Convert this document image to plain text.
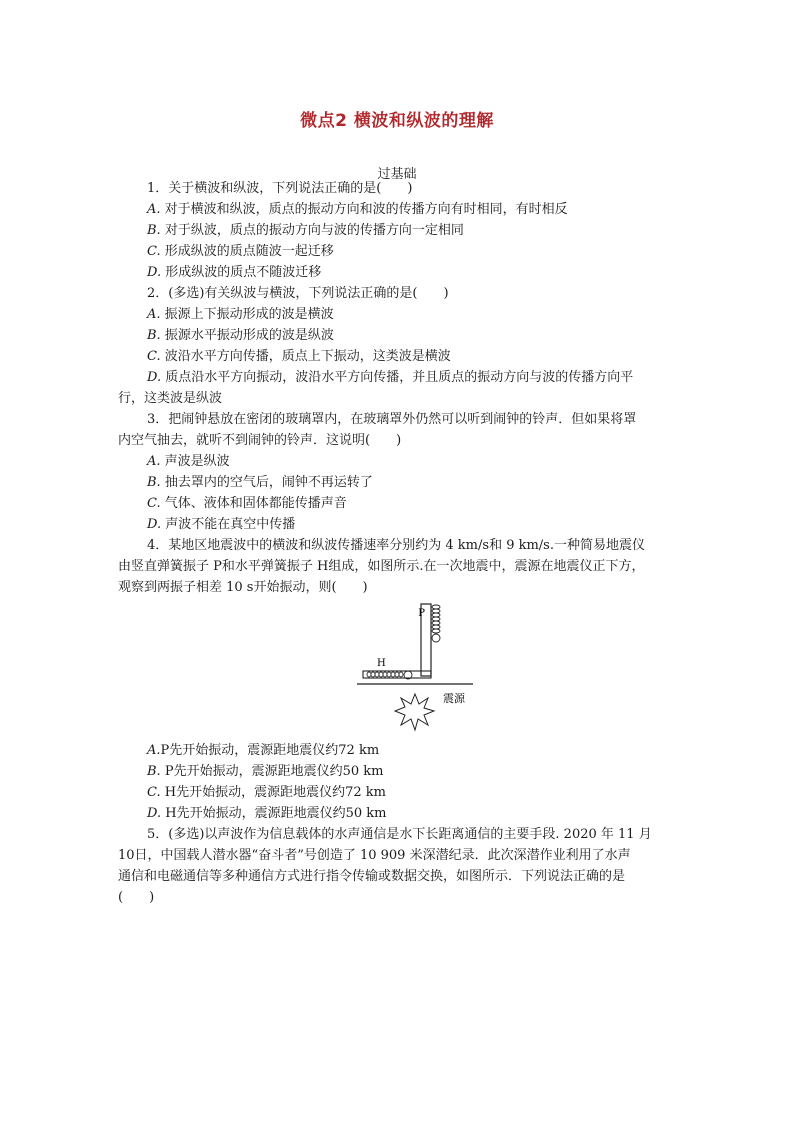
微点2 横波和纵波的理解
过基础
1．关于横波和纵波，下列说法正确的是(　　)
A. 对于横波和纵波，质点的振动方向和波的传播方向有时相同，有时相反
B. 对于纵波，质点的振动方向与波的传播方向一定相同
C. 形成纵波的质点随波一起迁移
D. 形成纵波的质点不随波迁移
2．(多选)有关纵波与横波，下列说法正确的是(　　)
A. 振源上下振动形成的波是横波
B. 振源水平振动形成的波是纵波
C. 波沿水平方向传播，质点上下振动，这类波是横波
D. 质点沿水平方向振动，波沿水平方向传播，并且质点的振动方向与波的传播方向平
行，这类波是纵波
3．把闹钟悬放在密闭的玻璃罩内，在玻璃罩外仍然可以听到闹钟的铃声．但如果将罩
内空气抽去，就听不到闹钟的铃声．这说明(　　)
A. 声波是纵波
B. 抽去罩内的空气后，闹钟不再运转了
C. 气体、液体和固体都能传播声音
D. 声波不能在真空中传播
4．某地区地震波中的横波和纵波传播速率分别约为 4 km/s和 9 km/s.一种简易地震仪
由竖直弹簧振子 P和水平弹簧振子 H组成，如图所示.在一次地震中，震源在地震仪正下方，
观察到两振子相差 10 s开始振动，则(　　)
P
H
震源
A.P先开始振动，震源距地震仪约72 km
B. P先开始振动，震源距地震仪约50 km
C. H先开始振动，震源距地震仪约72 km
D. H先开始振动，震源距地震仪约50 km
5．(多选)以声波作为信息载体的水声通信是水下长距离通信的主要手段. 2020 年 11 月
10日，中国载人潜水器“奋斗者”号创造了 10 909 米深潜纪录．此次深潜作业利用了水声
通信和电磁通信等多种通信方式进行指令传输或数据交换，如图所示．下列说法正确的是
(　　)
